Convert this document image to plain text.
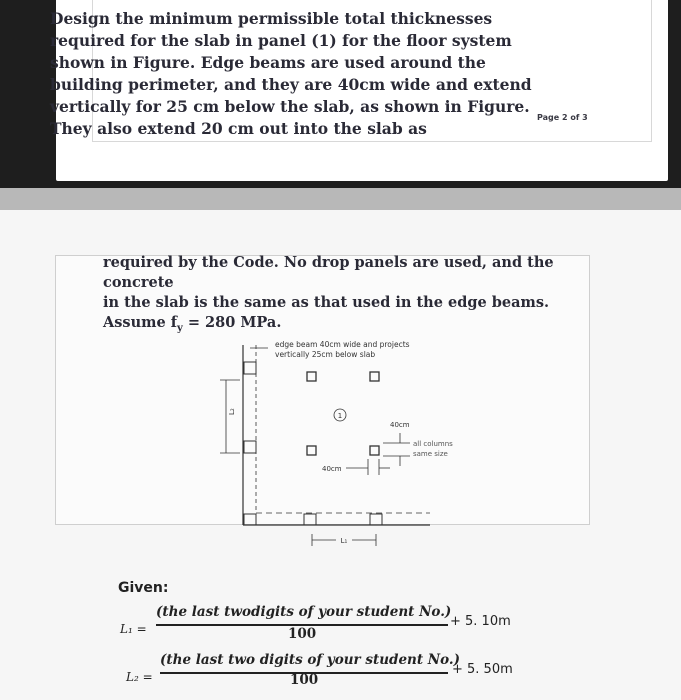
Design the minimum permissible total thicknesses required for the slab in panel (1) for the floor system shown in Figure. Edge beams are used around the building perimeter, and they are 40cm wide and extend vertically for 25 cm below the slab, as shown in Figure. They also extend 20 cm out into the slab as
Page 2 of 3
required by the Code. No drop panels are used, and the concrete
in the slab is the same as that used in the edge beams.
Assume $f_y = 280$ MPa.
edge beam 40cm wide and projects
vertically 25cm below slab
L₂
1
40cm
all columns
same size
40cm
L₁
Given:
L₁ =
(the last twodigits of your student No.)
100
+ 5. 10m
L₂ =
(the last two digits of your student No.)
100
+ 5. 50m
